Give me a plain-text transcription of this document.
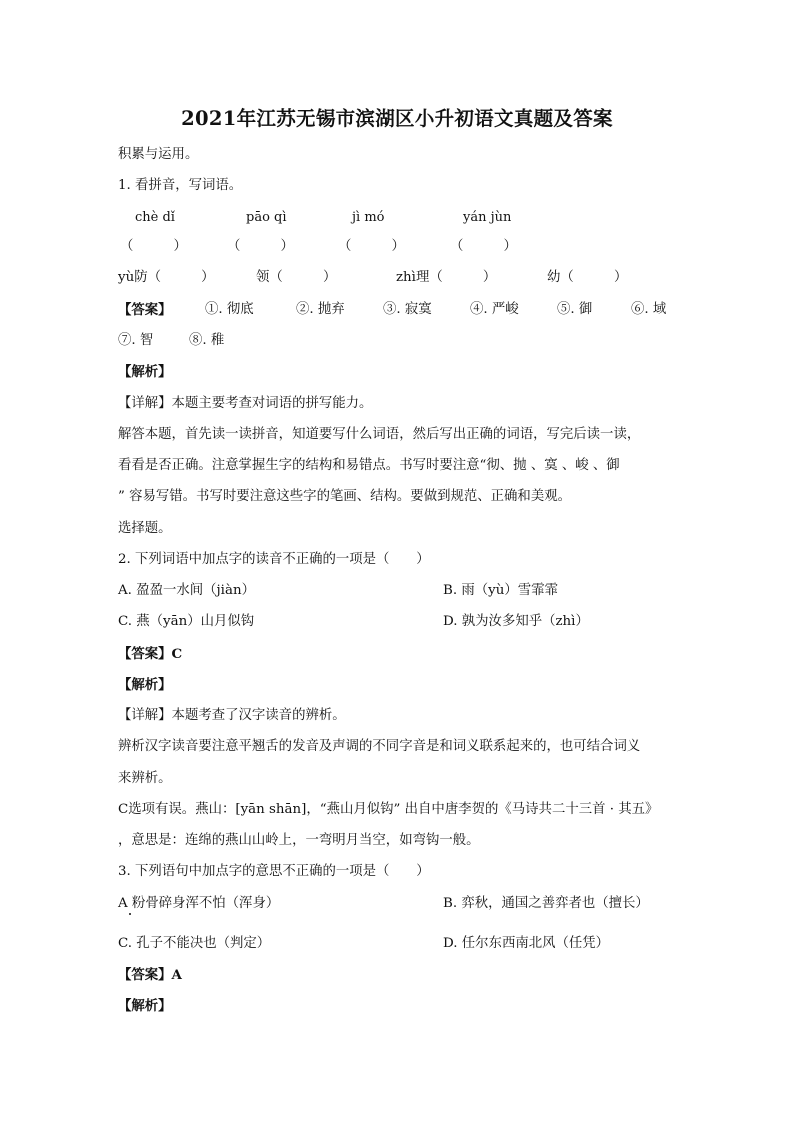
2021年江苏无锡市滨湖区小升初语文真题及答案
积累与运用。
1. 看拼音，写词语。
chè dǐ	pāo qì	jì mó	yán jùn
（　　　）	（　　　）	（　　　）	（　　　）
yù防（　　　）	领（　　　）	zhì理（　　　）	幼（　　　）
【答案】 ①. 彻底	②. 抛弃	③. 寂寞	④. 严峻	⑤. 御	⑥. 域
⑦. 智	⑧. 稚
【解析】
【详解】本题主要考查对词语的拼写能力。
解答本题，首先读一读拼音，知道要写什么词语，然后写出正确的词语，写完后读一读，
看看是否正确。注意掌握生字的结构和易错点。书写时要注意“彻、抛 、寞 、峻 、御
” 容易写错。书写时要注意这些字的笔画、结构。要做到规范、正确和美观。
选择题。
2. 下列词语中加点字的读音不正确的一项是（　　）
A. 盈盈一水间（jiàn）	B. 雨（yù）雪霏霏
C. 燕（yān）山月似钩	D. 孰为汝多知乎（zhì）
【答案】C
【解析】
【详解】本题考查了汉字读音的辨析。
辨析汉字读音要注意平翘舌的发音及声调的不同字音是和词义联系起来的，也可结合词义
来辨析。
C选项有误。燕山：[yān shān]，“燕山月似钩” 出自中唐李贺的《马诗共二十三首 · 其五》
，意思是：连绵的燕山山岭上，一弯明月当空，如弯钩一般。
3. 下列语句中加点字的意思不正确的一项是（　　）
A 粉骨碎身浑不怕（浑身）	B. 弈秋，通国之善弈者也（擅长）
C. 孔子不能决也（判定）	D. 任尔东西南北风（任凭）
【答案】A
【解析】
